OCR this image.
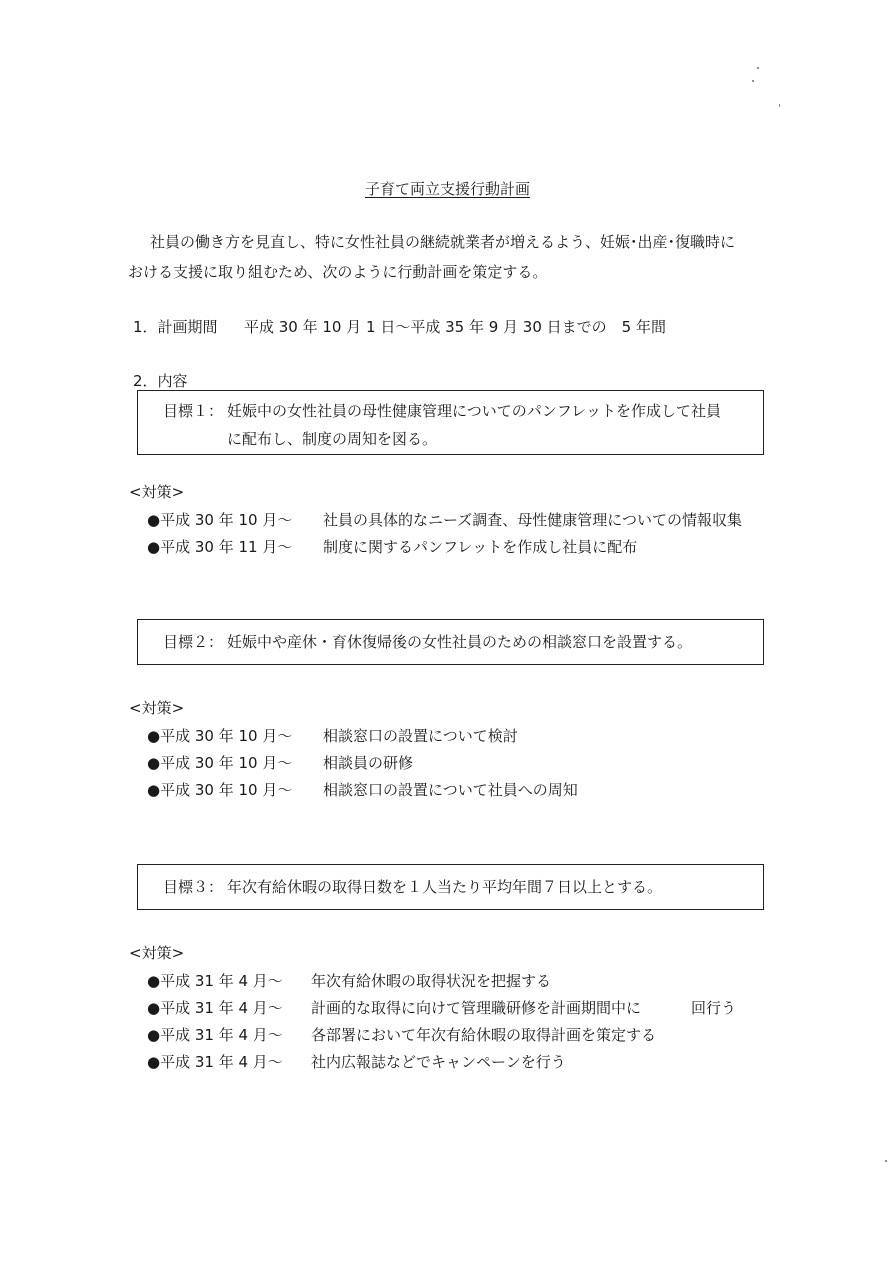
子育て両立支援行動計画
社員の働き方を見直し、特に女性社員の継続就業者が増えるよう、妊娠･出産･復職時に
おける支援に取り組むため、次のように行動計画を策定する。
1．計画期間 平成 30 年 10 月 1 日～平成 35 年 9 月 30 日までの　5 年間
2．内容
目標１： 妊娠中の女性社員の母性健康管理についてのパンフレットを作成して社員
に配布し、制度の周知を図る。
<対策>
●平成 30 年 10 月～ 社員の具体的なニーズ調査、母性健康管理についての情報収集
●平成 30 年 11 月～ 制度に関するパンフレットを作成し社員に配布
目標２： 妊娠中や産休・育休復帰後の女性社員のための相談窓口を設置する。
<対策>
●平成 30 年 10 月～ 相談窓口の設置について検討
●平成 30 年 10 月～ 相談員の研修
●平成 30 年 10 月～ 相談窓口の設置について社員への周知
目標３： 年次有給休暇の取得日数を１人当たり平均年間７日以上とする。
<対策>
●平成 31 年 4 月～ 年次有給休暇の取得状況を把握する
●平成 31 年 4 月～ 計画的な取得に向けて管理職研修を計画期間中に	回行う
●平成 31 年 4 月～ 各部署において年次有給休暇の取得計画を策定する
●平成 31 年 4 月～ 社内広報誌などでキャンペーンを行う
